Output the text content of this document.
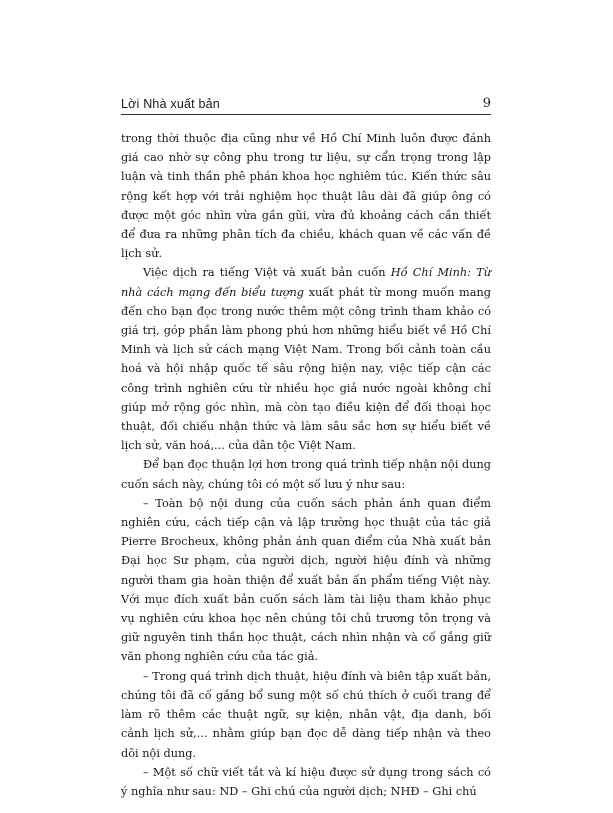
Lời Nhà xuất bản	9

trong thời thuộc địa cũng như về Hồ Chí Minh luôn được đánh giá cao nhờ sự công phu trong tư liệu, sự cẩn trọng trong lập luận và tinh thần phê phán khoa học nghiêm túc. Kiến thức sâu rộng kết hợp với trải nghiệm học thuật lâu dài đã giúp ông có được một góc nhìn vừa gần gũi, vừa đủ khoảng cách cần thiết để đưa ra những phân tích đa chiều, khách quan về các vấn đề lịch sử.

Việc dịch ra tiếng Việt và xuất bản cuốn Hồ Chí Minh: Từ nhà cách mạng đến biểu tượng xuất phát từ mong muốn mang đến cho bạn đọc trong nước thêm một công trình tham khảo có giá trị, góp phần làm phong phú hơn những hiểu biết về Hồ Chí Minh và lịch sử cách mạng Việt Nam. Trong bối cảnh toàn cầu hoá và hội nhập quốc tế sâu rộng hiện nay, việc tiếp cận các công trình nghiên cứu từ nhiều học giả nước ngoài không chỉ giúp mở rộng góc nhìn, mà còn tạo điều kiện để đối thoại học thuật, đối chiếu nhận thức và làm sâu sắc hơn sự hiểu biết về lịch sử, văn hoá,... của dân tộc Việt Nam.

Để bạn đọc thuận lợi hơn trong quá trình tiếp nhận nội dung cuốn sách này, chúng tôi có một số lưu ý như sau:

– Toàn bộ nội dung của cuốn sách phản ánh quan điểm nghiên cứu, cách tiếp cận và lập trường học thuật của tác giả Pierre Brocheux, không phản ánh quan điểm của Nhà xuất bản Đại học Sư phạm, của người dịch, người hiệu đính và những người tham gia hoàn thiện để xuất bản ấn phẩm tiếng Việt này. Với mục đích xuất bản cuốn sách làm tài liệu tham khảo phục vụ nghiên cứu khoa học nên chúng tôi chủ trương tôn trọng và giữ nguyên tinh thần học thuật, cách nhìn nhận và cố gắng giữ văn phong nghiên cứu của tác giả.

– Trong quá trình dịch thuật, hiệu đính và biên tập xuất bản, chúng tôi đã cố gắng bổ sung một số chú thích ở cuối trang để làm rõ thêm các thuật ngữ, sự kiện, nhân vật, địa danh, bối cảnh lịch sử,... nhằm giúp bạn đọc dễ dàng tiếp nhận và theo dõi nội dung.

– Một số chữ viết tắt và kí hiệu được sử dụng trong sách có ý nghĩa như sau: ND – Ghi chú của người dịch; NHĐ – Ghi chú
